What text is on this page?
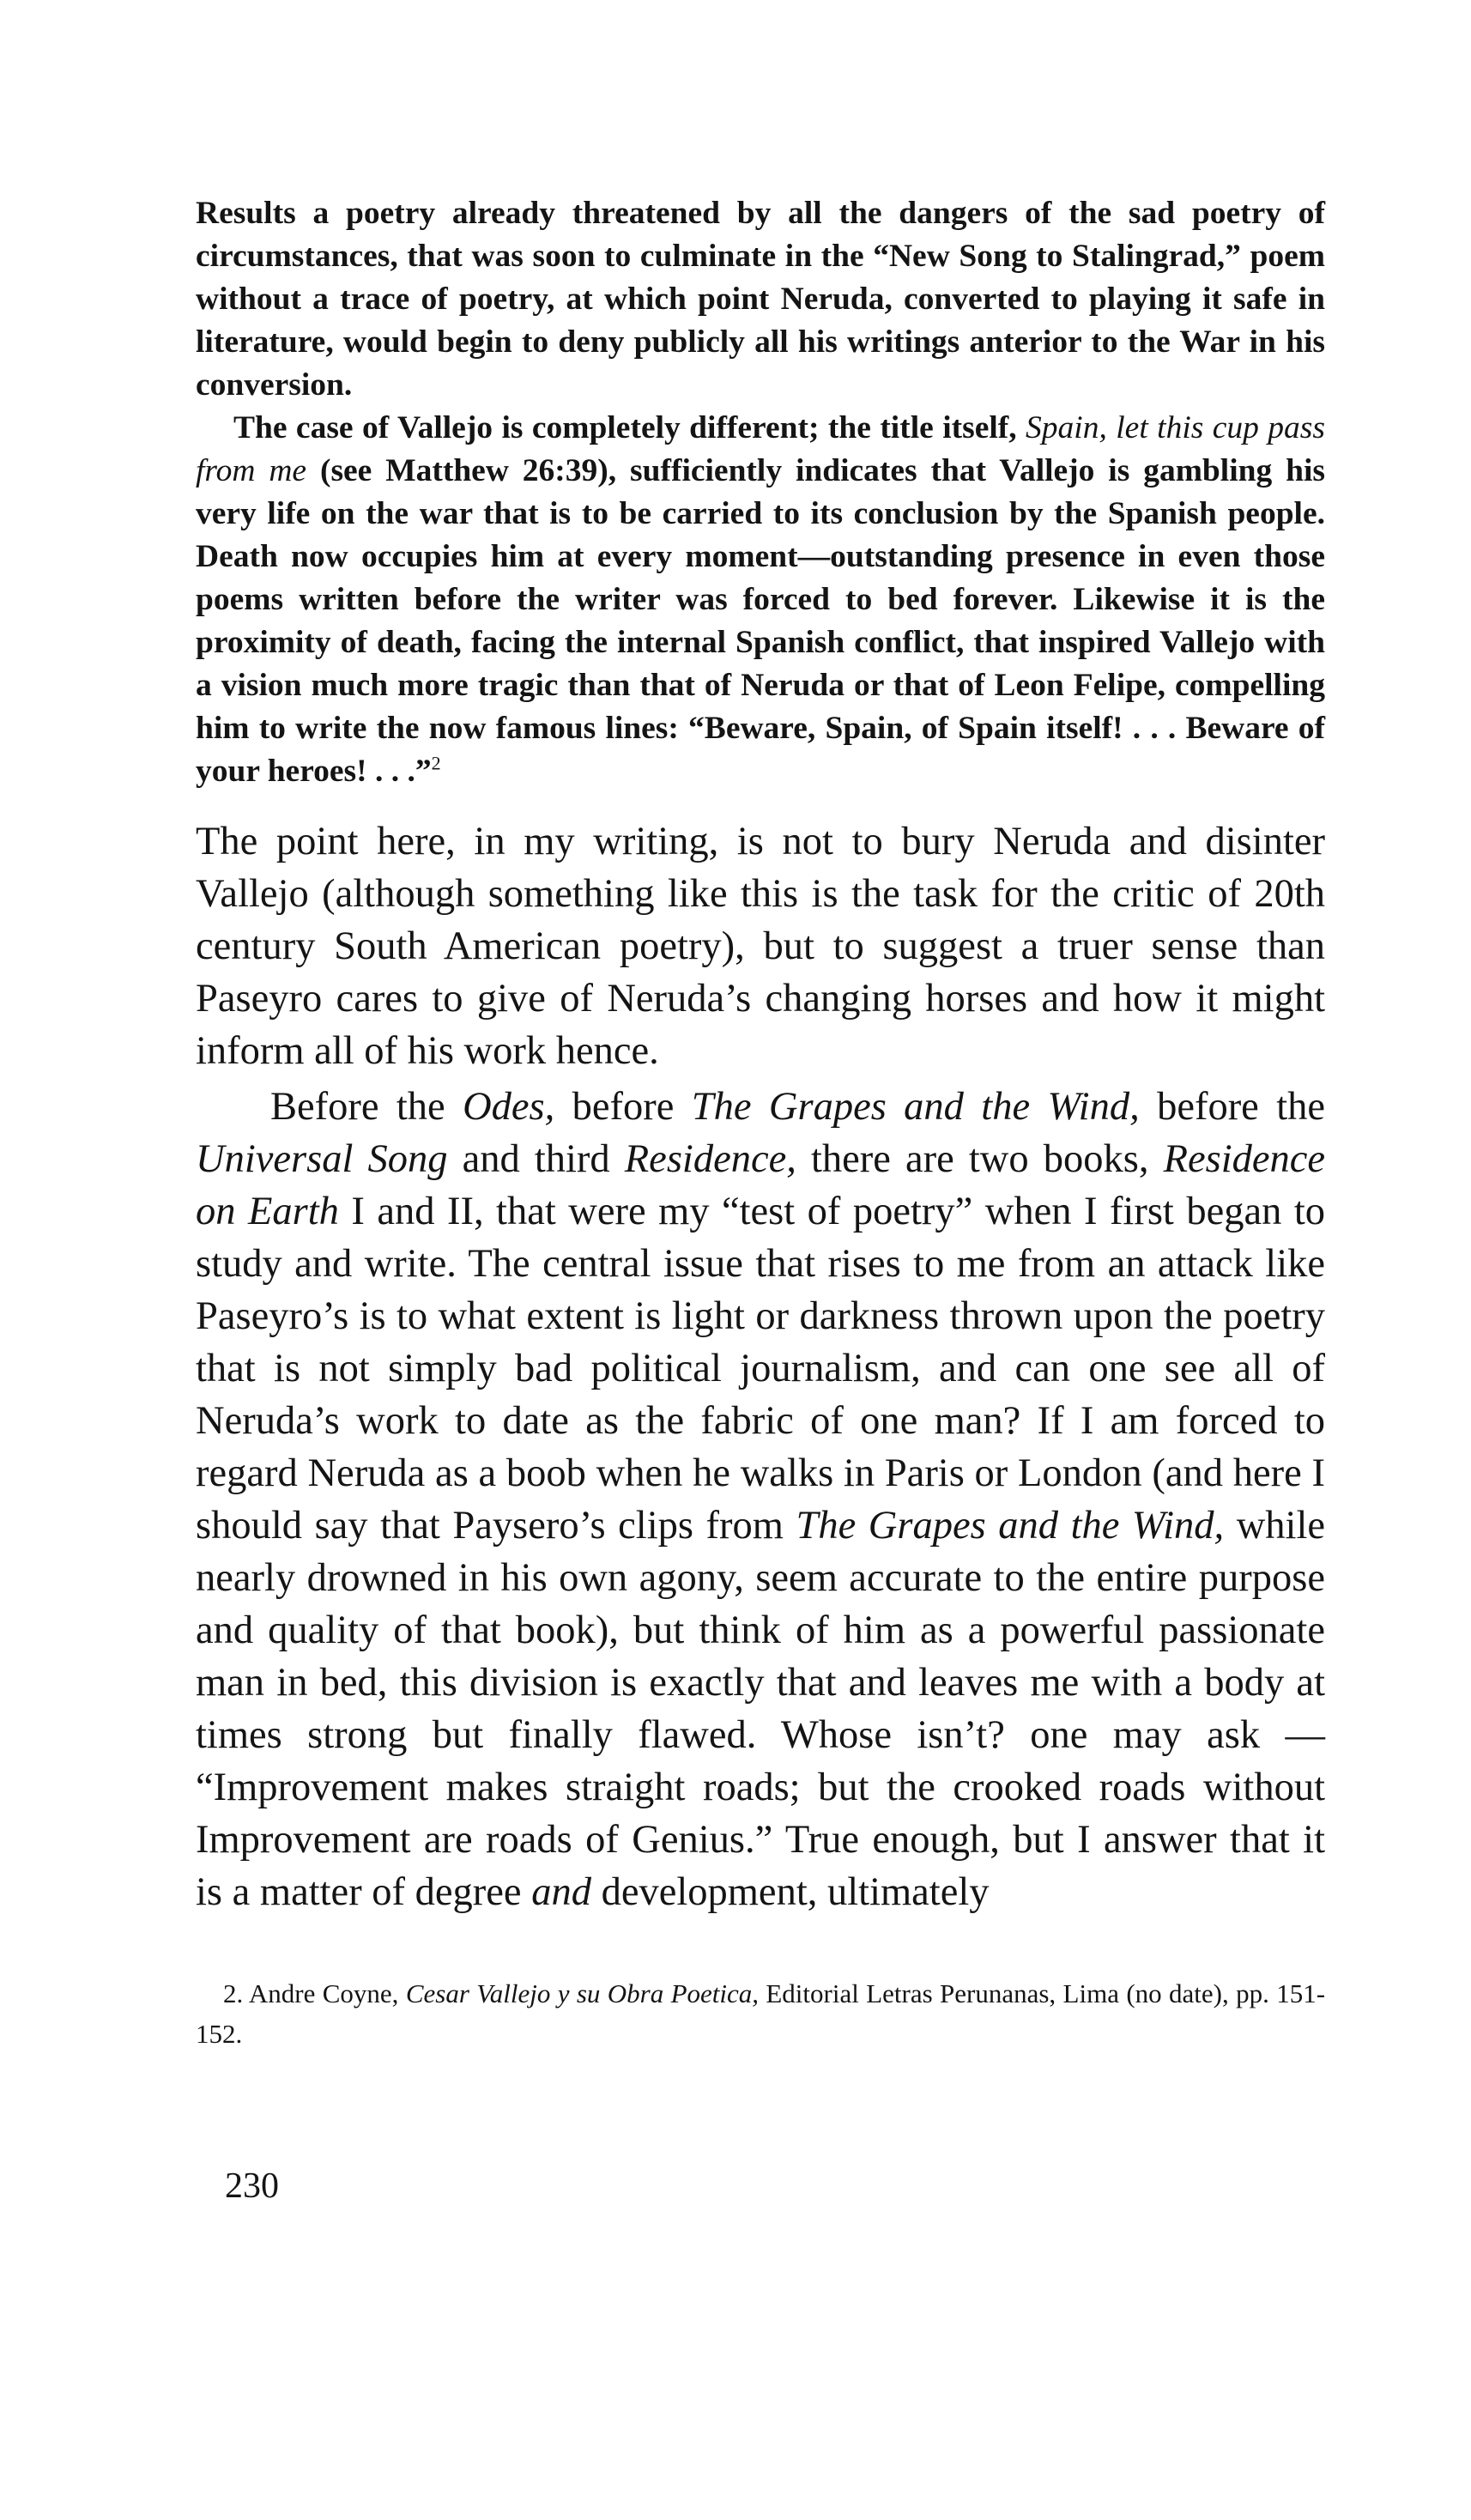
Results a poetry already threatened by all the dangers of the sad poetry of circumstances, that was soon to culminate in the “New Song to Stalingrad,” poem without a trace of poetry, at which point Neruda, converted to playing it safe in literature, would begin to deny publicly all his writings anterior to the War in his conversion.

The case of Vallejo is completely different; the title itself, Spain, let this cup pass from me (see Matthew 26:39), sufficiently indicates that Vallejo is gambling his very life on the war that is to be carried to its conclusion by the Spanish people. Death now occupies him at every moment—outstanding presence in even those poems written before the writer was forced to bed forever. Likewise it is the proximity of death, facing the internal Spanish conflict, that inspired Vallejo with a vision much more tragic than that of Neruda or that of Leon Felipe, compelling him to write the now famous lines: “Beware, Spain, of Spain itself! . . . Beware of your heroes! . . .”$^2$

The point here, in my writing, is not to bury Neruda and disinter Vallejo (although something like this is the task for the critic of 20th century South American poetry), but to suggest a truer sense than Paseyro cares to give of Neruda’s changing horses and how it might inform all of his work hence.

Before the Odes, before The Grapes and the Wind, before the Universal Song and third Residence, there are two books, Residence on Earth I and II, that were my “test of poetry” when I first began to study and write. The central issue that rises to me from an attack like Paseyro’s is to what extent is light or darkness thrown upon the poetry that is not simply bad political journalism, and can one see all of Neruda’s work to date as the fabric of one man? If I am forced to regard Neruda as a boob when he walks in Paris or London (and here I should say that Paysero’s clips from The Grapes and the Wind, while nearly drowned in his own agony, seem accurate to the entire purpose and quality of that book), but think of him as a powerful passionate man in bed, this division is exactly that and leaves me with a body at times strong but finally flawed. Whose isn’t? one may ask — “Improvement makes straight roads; but the crooked roads without Improvement are roads of Genius.” True enough, but I answer that it is a matter of degree and development, ultimately

2. Andre Coyne, Cesar Vallejo y su Obra Poetica, Editorial Letras Perunanas, Lima (no date), pp. 151-152.
230
